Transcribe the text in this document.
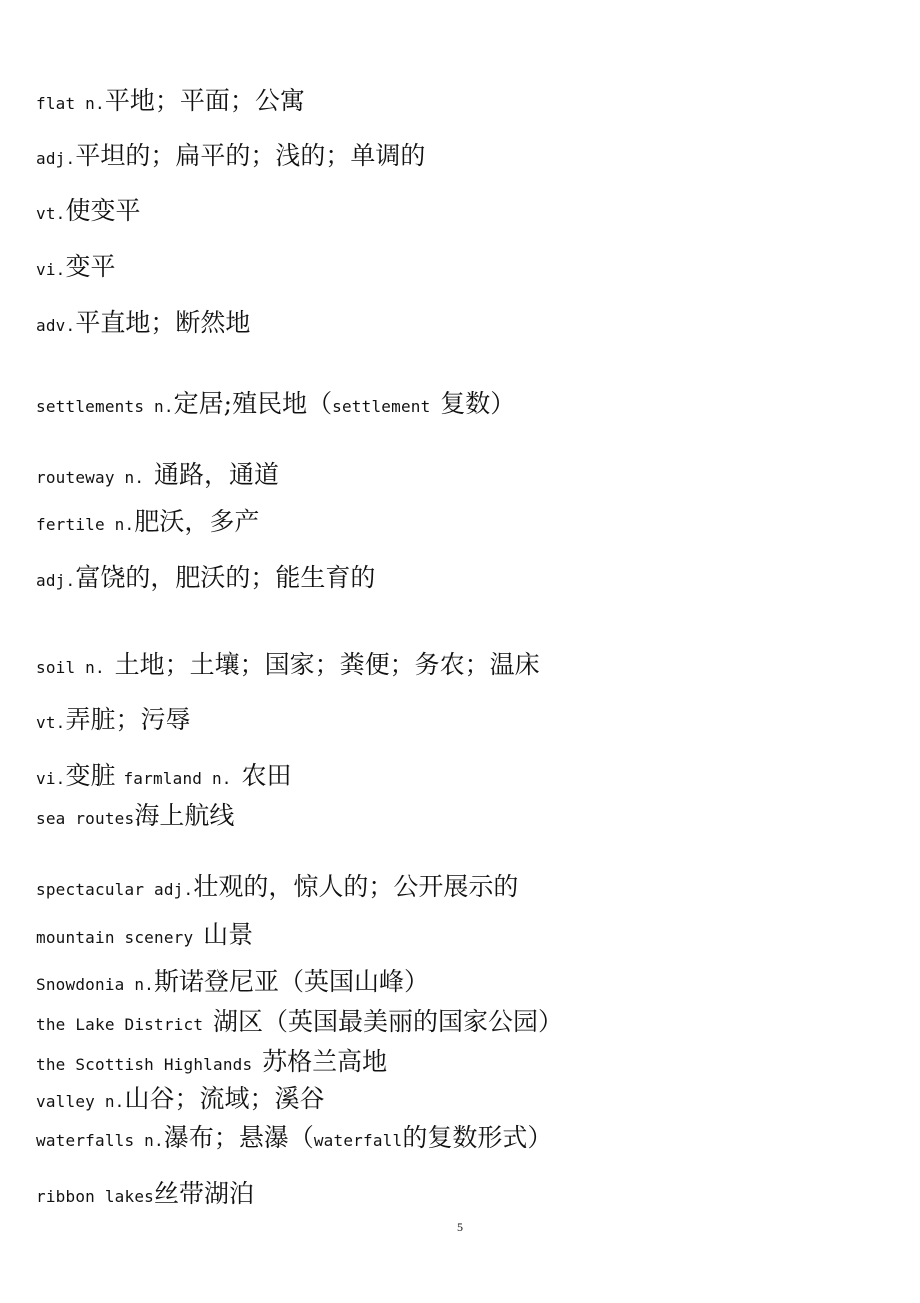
flat n.平地；平面；公寓
adj.平坦的；扁平的；浅的；单调的
vt.使变平
vi.变平
adv.平直地；断然地
settlements n.定居;殖民地（settlement 复数）
routeway n. 通路，通道
fertile n.肥沃，多产
adj.富饶的，肥沃的；能生育的
soil n. 土地；土壤；国家；粪便；务农；温床
vt.弄脏；污辱
vi.变脏 farmland n. 农田
sea routes海上航线
spectacular adj.壮观的，惊人的；公开展示的
mountain scenery 山景
Snowdonia n.斯诺登尼亚（英国山峰）
the Lake District 湖区（英国最美丽的国家公园）
the Scottish Highlands 苏格兰高地
valley n.山谷；流域；溪谷
waterfalls n.瀑布；悬瀑（waterfall的复数形式）
ribbon lakes丝带湖泊
5
